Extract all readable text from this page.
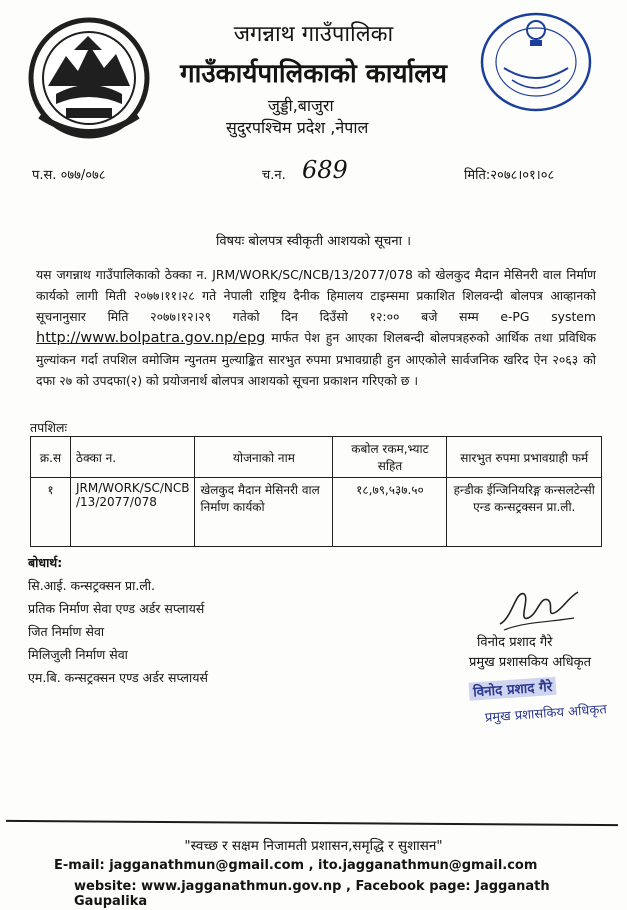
जगन्नाथ गाउँपालिका
गाउँकार्यपालिकाको कार्यालय
जुड्डी,बाजुरा
सुदुरपश्चिम प्रदेश ,नेपाल
प.स. ०७७/०७८	च.न. 689	मिति:२०७८।०१।०८
विषयः बोलपत्र स्वीकृती आशयको सूचना ।
यस जगन्नाथ गाउँपालिकाको ठेक्का न. JRM/WORK/SC/NCB/13/2077/078 को खेलकुद मैदान मेसिनरी वाल निर्माण कार्यको लागी मिती २०७७।११।२८ गते नेपाली राष्ट्रिय दैनीक हिमालय टाइम्समा प्रकाशित शिलवन्दी बोलपत्र आव्हानको सूचनानुसार मिति २०७७।१२।२९ गतेको दिन दिउँसो १२:०० बजे सम्म e-PG system http://www.bolpatra.gov.np/epg मार्फत पेश हुन आएका शिलबन्दी बोलपत्रहरुको आर्थिक तथा प्रविधिक मुल्यांकन गर्दा तपशिल वमोजिम न्युनतम मुल्याङ्कित सारभुत रुपमा प्रभावग्राही हुन आएकोले सार्वजनिक खरिद ऐन २०६३ को दफा २७ को उपदफा(२) को प्रयोजनार्थ बोलपत्र आशयको सूचना प्रकाशन गरिएको छ ।
तपशिलः
क्र.स	ठेक्का न.	योजनाको नाम	कबोल रकम,भ्याट सहित	सारभुत रुपमा प्रभावग्राही फर्म
१	JRM/WORK/SC/NCB /13/2077/078	खेलकुद मैदान मेसिनरी वाल निर्माण कार्यको	१८,७९,५३७.५०	हन्डीक ईन्जिनियरिङ्ग कन्सलटेन्सी एन्ड कन्सट्रक्सन प्रा.ली.
बोधार्थ:
सि.आई. कन्सट्रक्सन प्रा.ली.
प्रतिक निर्माण सेवा एण्ड अर्डर सप्लायर्स
जित निर्माण सेवा
मिलिजुली निर्माण सेवा
एम.बि. कन्सट्रक्सन एण्ड अर्डर सप्लायर्स
विनोद प्रशाद गैरे
प्रमुख प्रशासकिय अधिकृत
विनोद प्रशाद गैरे
प्रमुख प्रशासकिय अधिकृत
"स्वच्छ र सक्षम निजामती प्रशासन,समृद्धि र सुशासन"
E-mail: jagganathmun@gmail.com , ito.jagganathmun@gmail.com
website: www.jagganathmun.gov.np , Facebook page: Jagganath Gaupalika
